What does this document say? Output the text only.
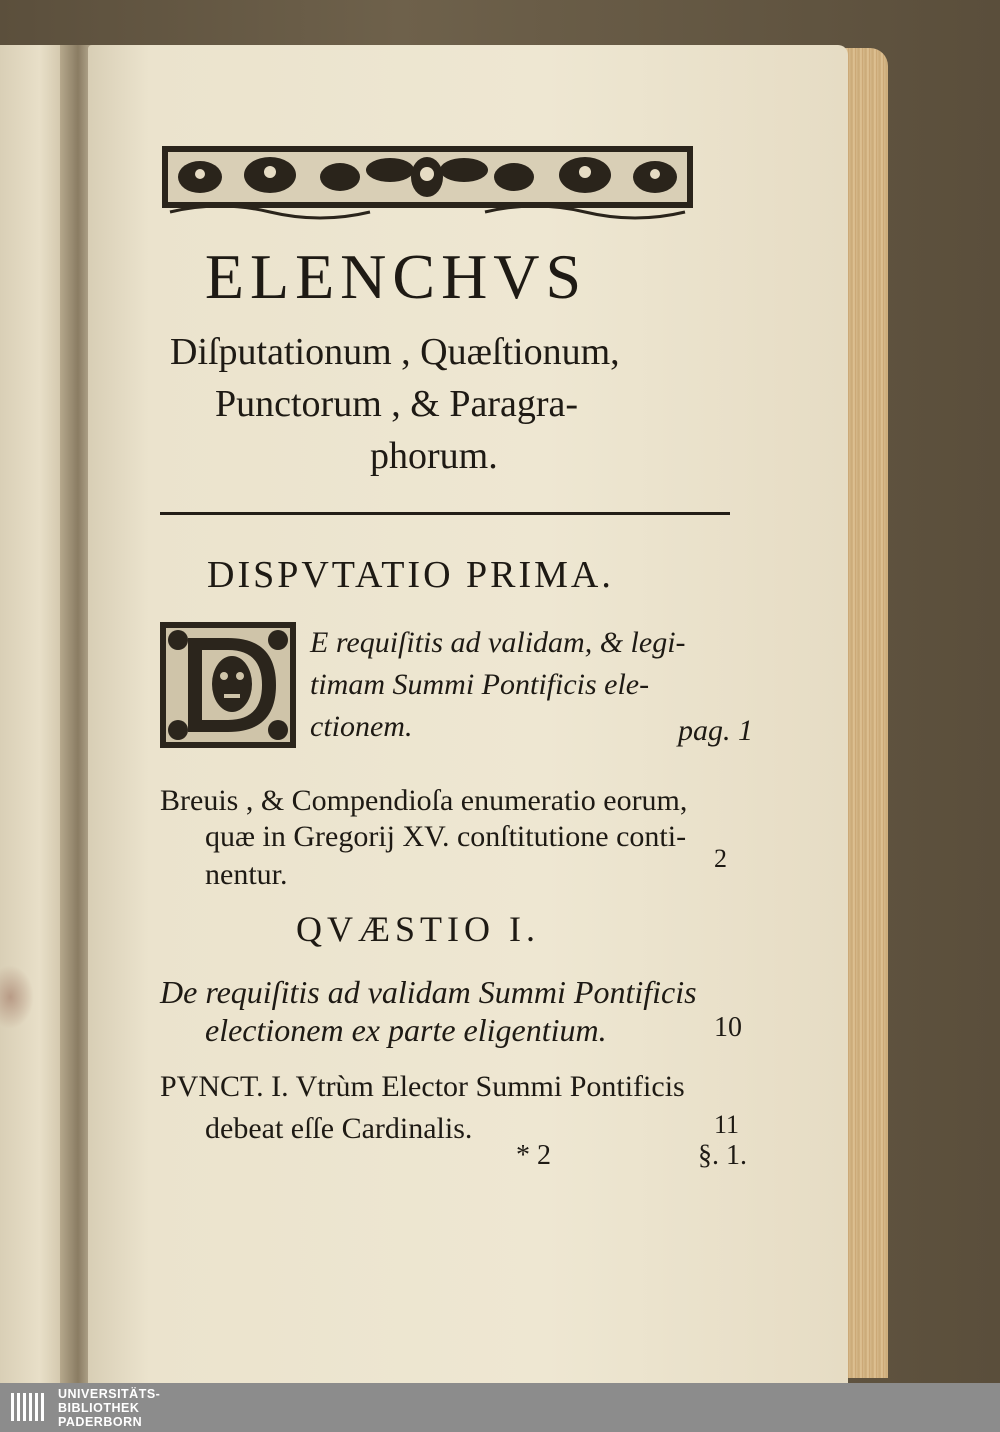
ELENCHVS
Diſputationum , Quæſtionum,
Punctorum , & Paragra-
phorum.
DISPVTATIO PRIMA.
E requiſitis ad validam, & legi-
timam Summi Pontificis ele-
ctionem.	pag. 1
Breuis , & Compendioſa enumeratio eorum,
quæ in Gregorij XV. conſtitutione conti-
nentur.	2
QVÆSTIO I.
De requiſitis ad validam Summi Pontificis
electionem ex parte eligentium.	10
PVNCT. I. Vtrùm Elector Summi Pontificis
debeat eſſe Cardinalis.	11
* 2	§. 1.
UNIVERSITÄTS-
BIBLIOTHEK
PADERBORN
